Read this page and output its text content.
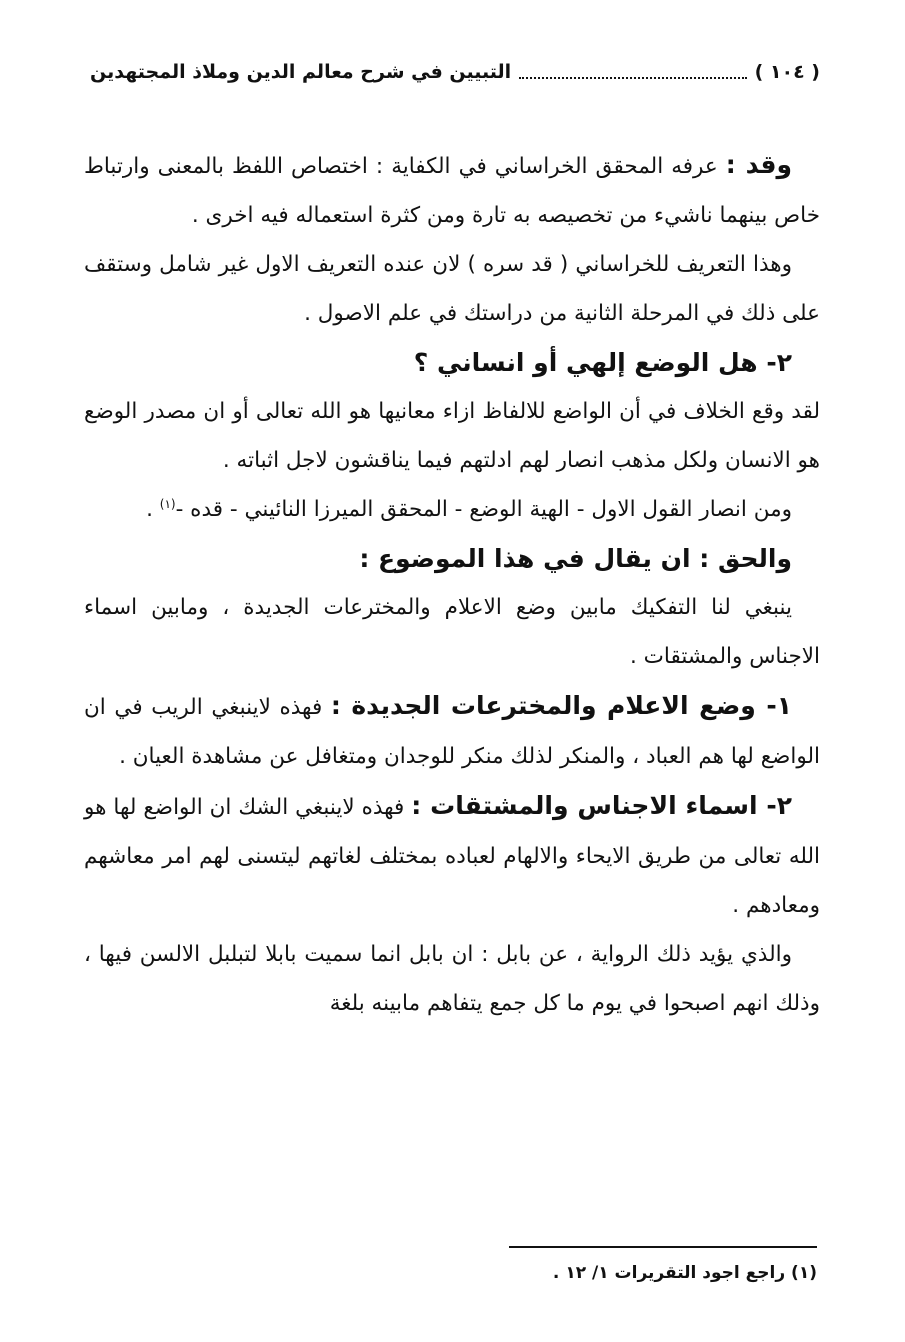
( ١٠٤ )
التبيين في شرح معالم الدين وملاذ المجتهدين

وقد : عرفه المحقق الخراساني في الكفاية : اختصاص اللفظ بالمعنى وارتباط خاص بينهما ناشيء من تخصيصه به تارة ومن كثرة استعماله فيه اخرى .

وهذا التعريف للخراساني ( قد سره ) لان عنده التعريف الاول غير شامل وستقف على ذلك في المرحلة الثانية من دراستك في علم الاصول .

٢- هل الوضع إلهي أو انساني ؟

لقد وقع الخلاف في أن الواضع للالفاظ ازاء معانيها هو الله تعالى أو ان مصدر الوضع هو الانسان ولكل مذهب انصار لهم ادلتهم فيما يناقشون لاجل اثباته .

ومن انصار القول الاول - الهية الوضع - المحقق الميرزا النائيني - قده -$^{(١)}$ .

والحق : ان يقال في هذا الموضوع :

ينبغي لنا التفكيك مابين وضع الاعلام والمخترعات الجديدة ، ومابين اسماء الاجناس والمشتقات .

١- وضع الاعلام والمخترعات الجديدة : فهذه لاينبغي الريب في ان الواضع لها هم العباد ، والمنكر لذلك منكر للوجدان ومتغافل عن مشاهدة العيان .

٢- اسماء الاجناس والمشتقات : فهذه لاينبغي الشك ان الواضع لها هو الله تعالى من طريق الايحاء والالهام لعباده بمختلف لغاتهم ليتسنى لهم امر معاشهم ومعادهم .

والذي يؤيد ذلك الرواية ، عن بابل : ان بابل انما سميت بابلا لتبلبل الالسن فيها ، وذلك انهم اصبحوا في يوم ما كل جمع يتفاهم مابينه بلغة

(١) راجع اجود التقريرات ١/ ١٢ .
